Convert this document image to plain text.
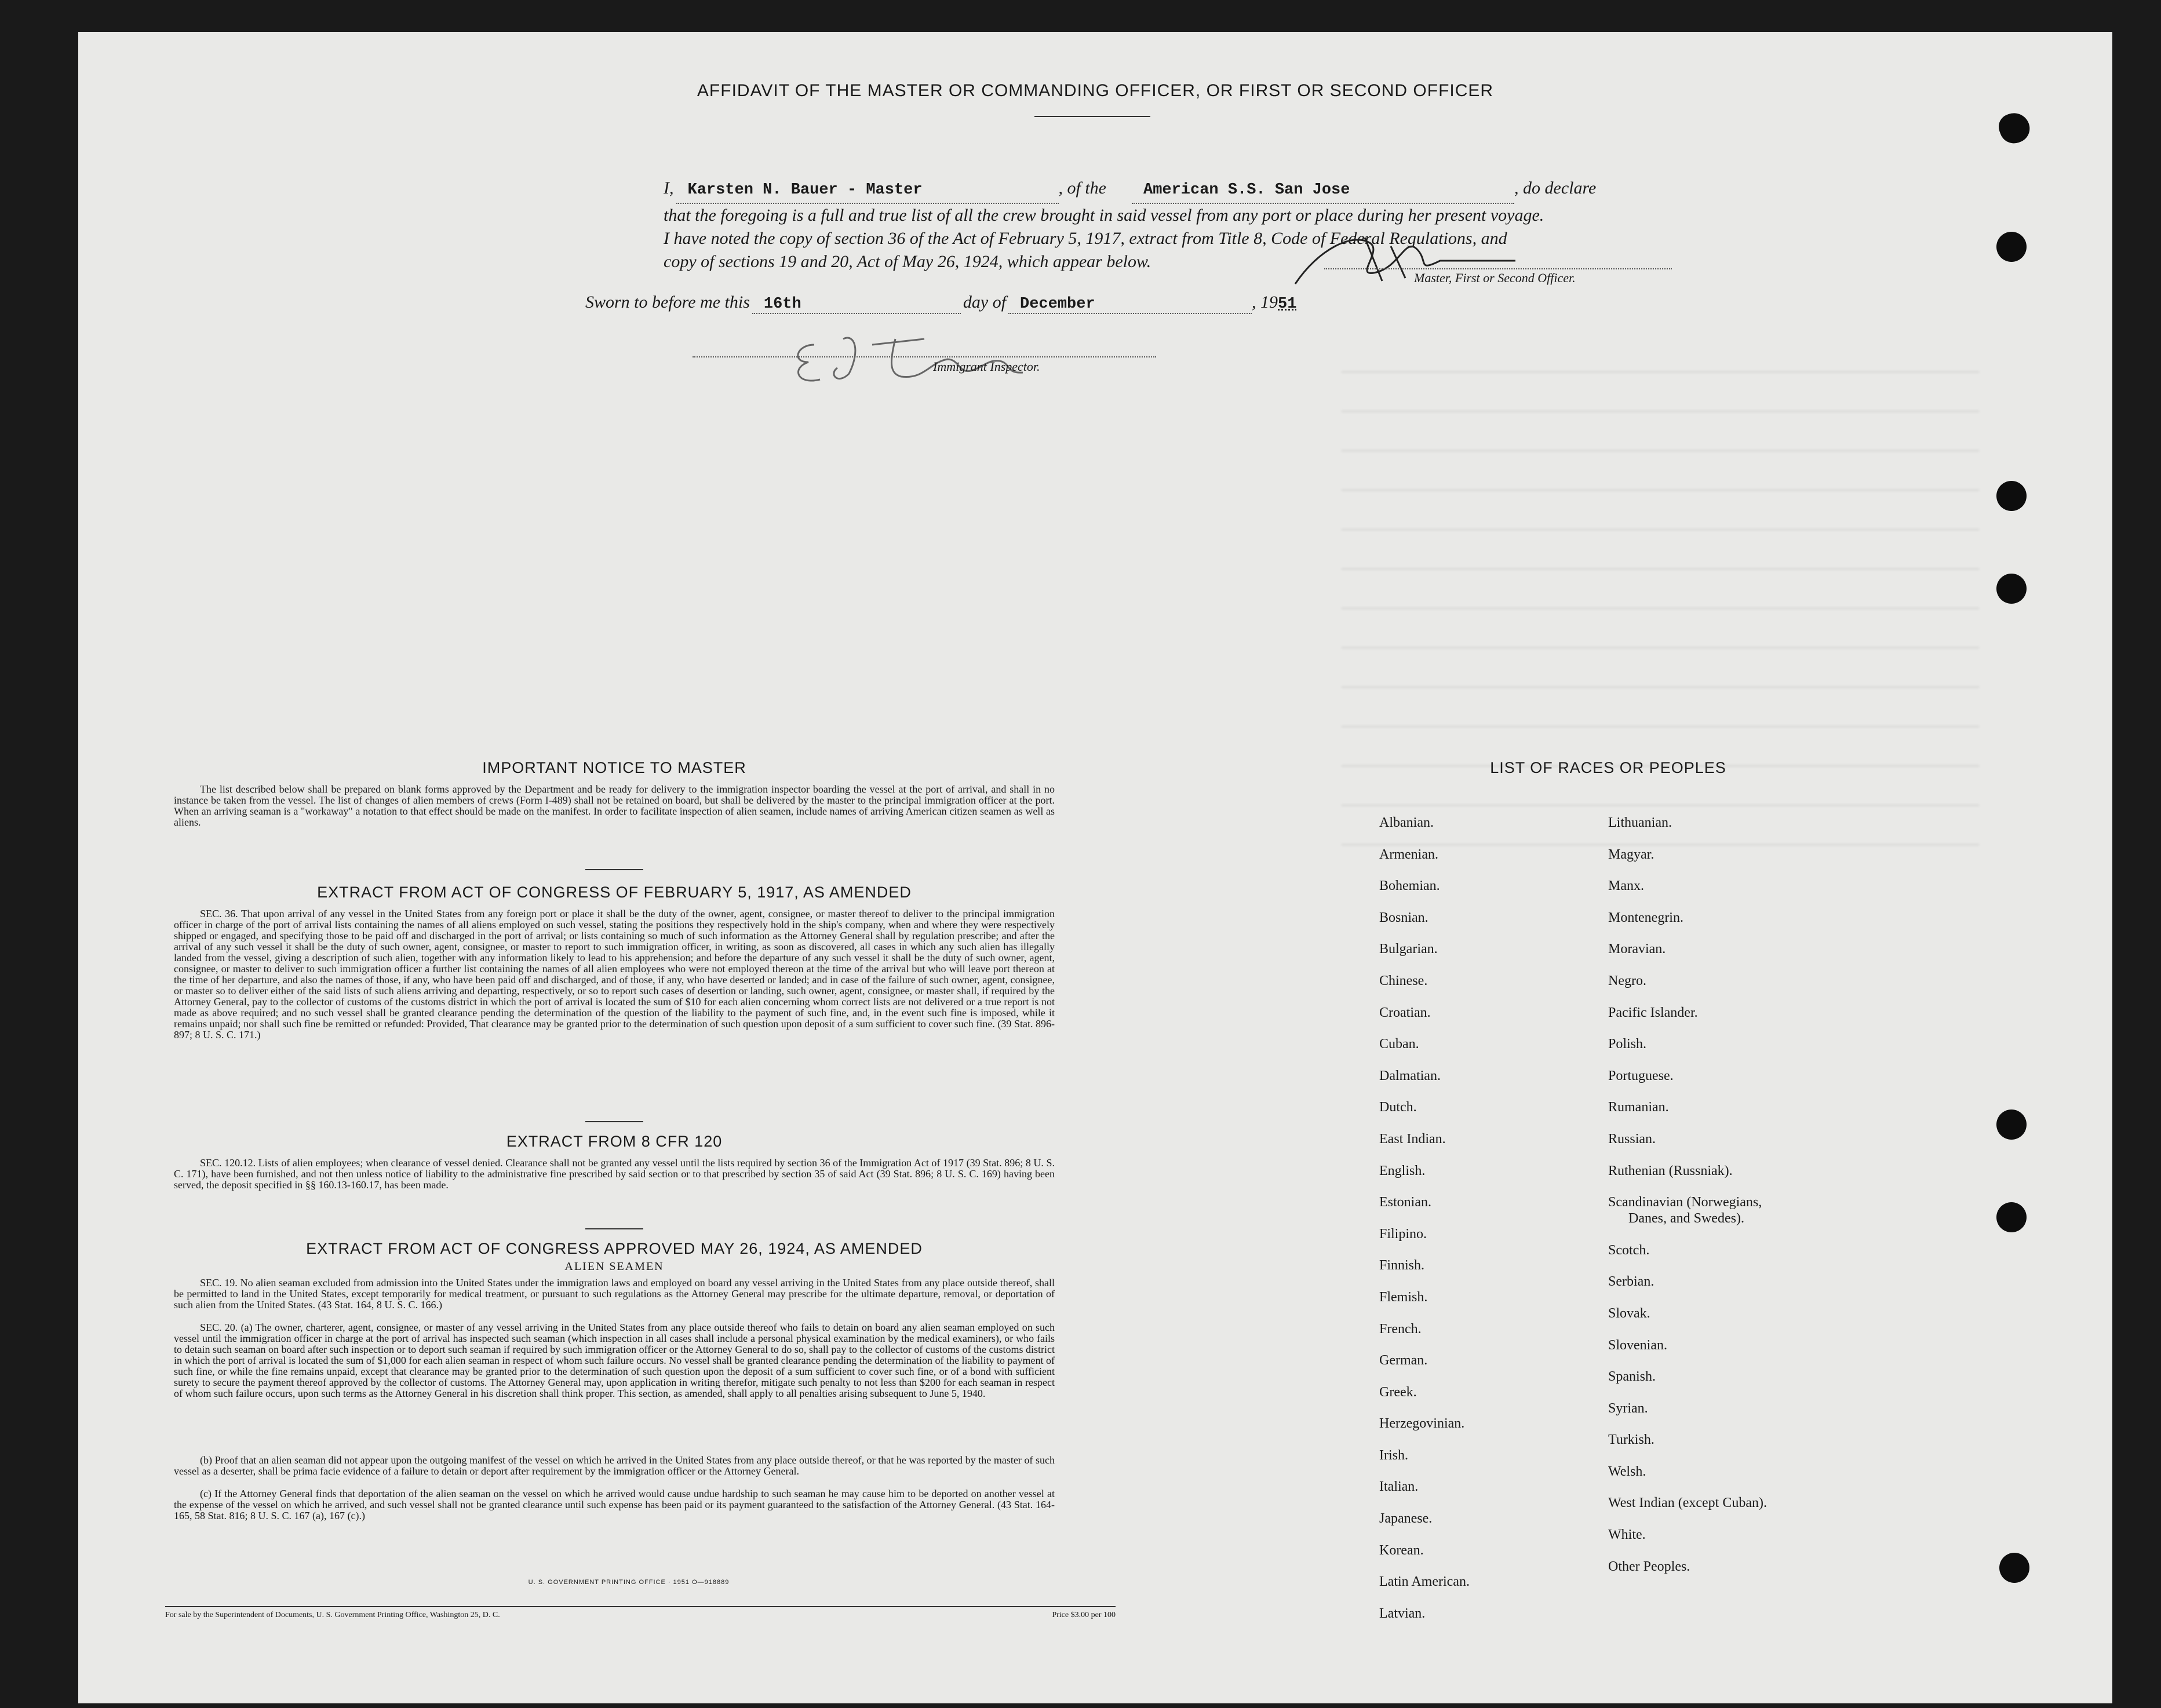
AFFIDAVIT OF THE MASTER OR COMMANDING OFFICER, OR FIRST OR SECOND OFFICER
I, Karsten N. Bauer - Master	, of the American S.S. San Jose	, do declare
that the foregoing is a full and true list of all the crew brought in said vessel from any port or place during her present voyage.
I have noted the copy of section 36 of the Act of February 5, 1917, extract from Title 8, Code of Federal Regulations, and
copy of sections 19 and 20, Act of May 26, 1924, which appear below.
Master, First or Second Officer.
Sworn to before me this 16th	day of December	, 1951
Immigrant Inspector.
IMPORTANT NOTICE TO MASTER
The list described below shall be prepared on blank forms approved by the Department and be ready for delivery to the immigration inspector boarding the vessel at the port of arrival, and shall in no instance be taken from the vessel. The list of changes of alien members of crews (Form I-489) shall not be retained on board, but shall be delivered by the master to the principal immigration officer at the port. When an arriving seaman is a "workaway" a notation to that effect should be made on the manifest. In order to facilitate inspection of alien seamen, include names of arriving American citizen seamen as well as aliens.
EXTRACT FROM ACT OF CONGRESS OF FEBRUARY 5, 1917, AS AMENDED
SEC. 36. That upon arrival of any vessel in the United States from any foreign port or place it shall be the duty of the owner, agent, consignee, or master thereof to deliver to the principal immigration officer in charge of the port of arrival lists containing the names of all aliens employed on such vessel, stating the positions they respectively hold in the ship's company, when and where they were respectively shipped or engaged, and specifying those to be paid off and discharged in the port of arrival; or lists containing so much of such information as the Attorney General shall by regulation prescribe; and after the arrival of any such vessel it shall be the duty of such owner, agent, consignee, or master to report to such immigration officer, in writing, as soon as discovered, all cases in which any such alien has illegally landed from the vessel, giving a description of such alien, together with any information likely to lead to his apprehension; and before the departure of any such vessel it shall be the duty of such owner, agent, consignee, or master to deliver to such immigration officer a further list containing the names of all alien employees who were not employed thereon at the time of the arrival but who will leave port thereon at the time of her departure, and also the names of those, if any, who have been paid off and discharged, and of those, if any, who have deserted or landed; and in case of the failure of such owner, agent, consignee, or master so to deliver either of the said lists of such aliens arriving and departing, respectively, or so to report such cases of desertion or landing, such owner, agent, consignee, or master shall, if required by the Attorney General, pay to the collector of customs of the customs district in which the port of arrival is located the sum of $10 for each alien concerning whom correct lists are not delivered or a true report is not made as above required; and no such vessel shall be granted clearance pending the determination of the question of the liability to the payment of such fine, and, in the event such fine is imposed, while it remains unpaid; nor shall such fine be remitted or refunded: Provided, That clearance may be granted prior to the determination of such question upon deposit of a sum sufficient to cover such fine. (39 Stat. 896-897; 8 U. S. C. 171.)
EXTRACT FROM 8 CFR 120
SEC. 120.12. Lists of alien employees; when clearance of vessel denied. Clearance shall not be granted any vessel until the lists required by section 36 of the Immigration Act of 1917 (39 Stat. 896; 8 U. S. C. 171), have been furnished, and not then unless notice of liability to the administrative fine prescribed by said section or to that prescribed by section 35 of said Act (39 Stat. 896; 8 U. S. C. 169) having been served, the deposit specified in §§ 160.13-160.17, has been made.
EXTRACT FROM ACT OF CONGRESS APPROVED MAY 26, 1924, AS AMENDED
ALIEN SEAMEN
SEC. 19. No alien seaman excluded from admission into the United States under the immigration laws and employed on board any vessel arriving in the United States from any place outside thereof, shall be permitted to land in the United States, except temporarily for medical treatment, or pursuant to such regulations as the Attorney General may prescribe for the ultimate departure, removal, or deportation of such alien from the United States. (43 Stat. 164, 8 U. S. C. 166.)
SEC. 20. (a) The owner, charterer, agent, consignee, or master of any vessel arriving in the United States from any place outside thereof who fails to detain on board any alien seaman employed on such vessel until the immigration officer in charge at the port of arrival has inspected such seaman (which inspection in all cases shall include a personal physical examination by the medical examiners), or who fails to detain such seaman on board after such inspection or to deport such seaman if required by such immigration officer or the Attorney General to do so, shall pay to the collector of customs of the customs district in which the port of arrival is located the sum of $1,000 for each alien seaman in respect of whom such failure occurs. No vessel shall be granted clearance pending the determination of the liability to payment of such fine, or while the fine remains unpaid, except that clearance may be granted prior to the determination of such question upon the deposit of a sum sufficient to cover such fine, or of a bond with sufficient surety to secure the payment thereof approved by the collector of customs. The Attorney General may, upon application in writing therefor, mitigate such penalty to not less than $200 for each seaman in respect of whom such failure occurs, upon such terms as the Attorney General in his discretion shall think proper. This section, as amended, shall apply to all penalties arising subsequent to June 5, 1940.
(b) Proof that an alien seaman did not appear upon the outgoing manifest of the vessel on which he arrived in the United States from any place outside thereof, or that he was reported by the master of such vessel as a deserter, shall be prima facie evidence of a failure to detain or deport after requirement by the immigration officer or the Attorney General.
(c) If the Attorney General finds that deportation of the alien seaman on the vessel on which he arrived would cause undue hardship to such seaman he may cause him to be deported on another vessel at the expense of the vessel on which he arrived, and such vessel shall not be granted clearance until such expense has been paid or its payment guaranteed to the satisfaction of the Attorney General. (43 Stat. 164-165, 58 Stat. 816; 8 U. S. C. 167 (a), 167 (c).)
U. S. GOVERNMENT PRINTING OFFICE · 1951 O—918889
For sale by the Superintendent of Documents, U. S. Government Printing Office, Washington 25, D. C.	Price $3.00 per 100
LIST OF RACES OR PEOPLES
Albanian.
Armenian.
Bohemian.
Bosnian.
Bulgarian.
Chinese.
Croatian.
Cuban.
Dalmatian.
Dutch.
East Indian.
English.
Estonian.
Filipino.
Finnish.
Flemish.
French.
German.
Greek.
Herzegovinian.
Irish.
Italian.
Japanese.
Korean.
Latin American.
Latvian.
Lithuanian.
Magyar.
Manx.
Montenegrin.
Moravian.
Negro.
Pacific Islander.
Polish.
Portuguese.
Rumanian.
Russian.
Ruthenian (Russniak).
Scandinavian (Norwegians,
Danes, and Swedes).
Scotch.
Serbian.
Slovak.
Slovenian.
Spanish.
Syrian.
Turkish.
Welsh.
West Indian (except Cuban).
White.
Other Peoples.
